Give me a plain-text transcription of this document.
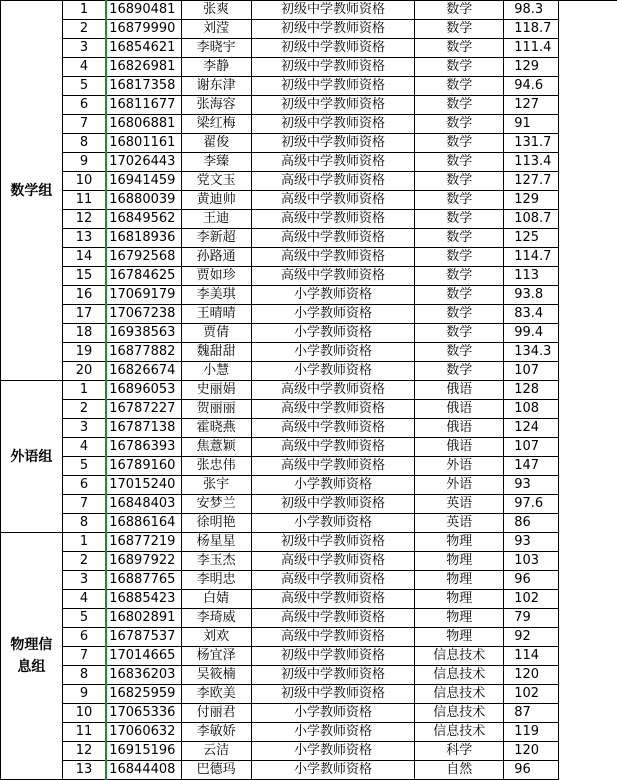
数学组	1	16890481	张爽	初级中学教师资格	数学	98.3	
	2	16879990	刘滢	初级中学教师资格	数学	118.7	
	3	16854621	李晓宇	初级中学教师资格	数学	111.4	
	4	16826981	李静	初级中学教师资格	数学	129	
	5	16817358	谢东津	初级中学教师资格	数学	94.6	
	6	16811677	张海容	初级中学教师资格	数学	127	
	7	16806881	梁红梅	初级中学教师资格	数学	91	
	8	16801161	翟俊	初级中学教师资格	数学	131.7	
	9	17026443	李臻	高级中学教师资格	数学	113.4	
	10	16941459	党文玉	高级中学教师资格	数学	127.7	
	11	16880039	黄迪帅	高级中学教师资格	数学	129	
	12	16849562	王迪	高级中学教师资格	数学	108.7	
	13	16818936	李新超	高级中学教师资格	数学	125	
	14	16792568	孙路通	高级中学教师资格	数学	114.7	
	15	16784625	贾如珍	高级中学教师资格	数学	113	
	16	17069179	李美琪	小学教师资格	数学	93.8	
	17	17067238	王晴晴	小学教师资格	数学	83.4	
	18	16938563	贾倩	小学教师资格	数学	99.4	
	19	16877882	魏甜甜	小学教师资格	数学	134.3	
	20	16826674	小慧	小学教师资格	数学	107	
外语组	1	16896053	史丽娟	高级中学教师资格	俄语	128	
	2	16787227	贺丽丽	高级中学教师资格	俄语	108	
	3	16787138	霍晓燕	高级中学教师资格	俄语	124	
	4	16786393	焦薏颖	高级中学教师资格	俄语	107	
	5	16789160	张忠伟	高级中学教师资格	外语	147	
	6	17015240	张宇	小学教师资格	外语	93	
	7	16848403	安梦兰	初级中学教师资格	英语	97.6	
	8	16886164	徐明艳	小学教师资格	英语	86	
物理信息组	1	16877219	杨星星	初级中学教师资格	物理	93	
	2	16897922	李玉杰	高级中学教师资格	物理	103	
	3	16887765	李明忠	高级中学教师资格	物理	96	
	4	16885423	白婧	高级中学教师资格	物理	102	
	5	16802891	李琦威	高级中学教师资格	物理	79	
	6	16787537	刘欢	高级中学教师资格	物理	92	
	7	17014665	杨宜泽	初级中学教师资格	信息技术	114	
	8	16836203	吴筱楠	初级中学教师资格	信息技术	120	
	9	16825959	李欧美	初级中学教师资格	信息技术	102	
	10	17065336	付丽君	小学教师资格	信息技术	87	
	11	17060632	李敏娇	小学教师资格	信息技术	119	
	12	16915196	云洁	小学教师资格	科学	120	
	13	16844408	巴德玛	小学教师资格	自然	96	
